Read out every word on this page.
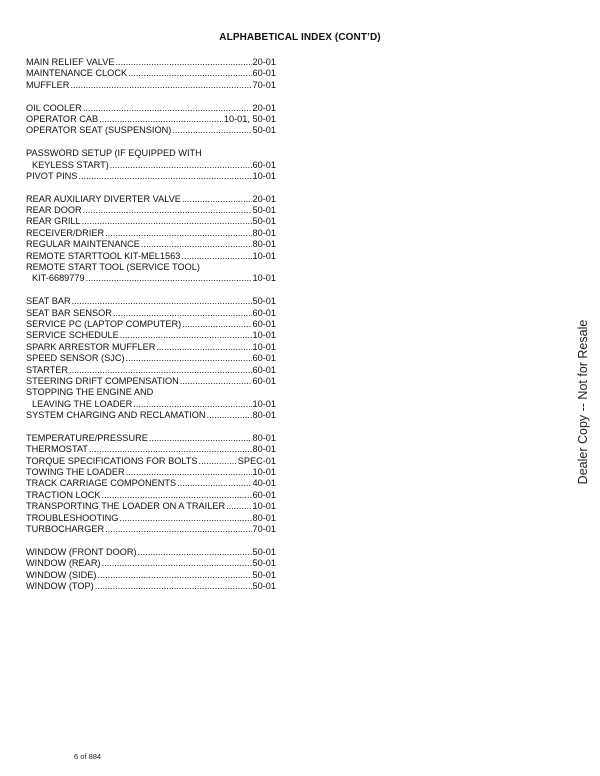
ALPHABETICAL INDEX (CONT’D)
MAIN RELIEF VALVE .....	20-01
MAINTENANCE CLOCK .....	60-01
MUFFLER .....	70-01
OIL COOLER .....	20-01
OPERATOR CAB .....	10-01, 50-01
OPERATOR SEAT (SUSPENSION) .....	50-01
PASSWORD SETUP (IF EQUIPPED WITH
KEYLESS START) .....	60-01
PIVOT PINS .....	10-01
REAR AUXILIARY DIVERTER VALVE .....	20-01
REAR DOOR .....	50-01
REAR GRILL .....	50-01
RECEIVER/DRIER .....	80-01
REGULAR MAINTENANCE .....	80-01
REMOTE STARTTOOL KIT-MEL1563 .....	10-01
REMOTE START TOOL (SERVICE TOOL)
KIT-6689779 .....	10-01
SEAT BAR .....	50-01
SEAT BAR SENSOR .....	60-01
SERVICE PC (LAPTOP COMPUTER) .....	60-01
SERVICE SCHEDULE .....	10-01
SPARK ARRESTOR MUFFLER .....	10-01
SPEED SENSOR (SJC) .....	60-01
STARTER .....	60-01
STEERING DRIFT COMPENSATION .....	60-01
STOPPING THE ENGINE AND
LEAVING THE LOADER .....	10-01
SYSTEM CHARGING AND RECLAMATION .....	80-01
TEMPERATURE/PRESSURE .....	80-01
THERMOSTAT .....	80-01
TORQUE SPECIFICATIONS FOR BOLTS .....	SPEC-01
TOWING THE LOADER .....	10-01
TRACK CARRIAGE COMPONENTS .....	40-01
TRACTION LOCK .....	60-01
TRANSPORTING THE LOADER ON A TRAILER .....	10-01
TROUBLESHOOTING .....	80-01
TURBOCHARGER .....	70-01
WINDOW (FRONT DOOR) .....	50-01
WINDOW (REAR) .....	50-01
WINDOW (SIDE) .....	50-01
WINDOW (TOP) .....	50-01
Dealer Copy -- Not for Resale
6 of 884
